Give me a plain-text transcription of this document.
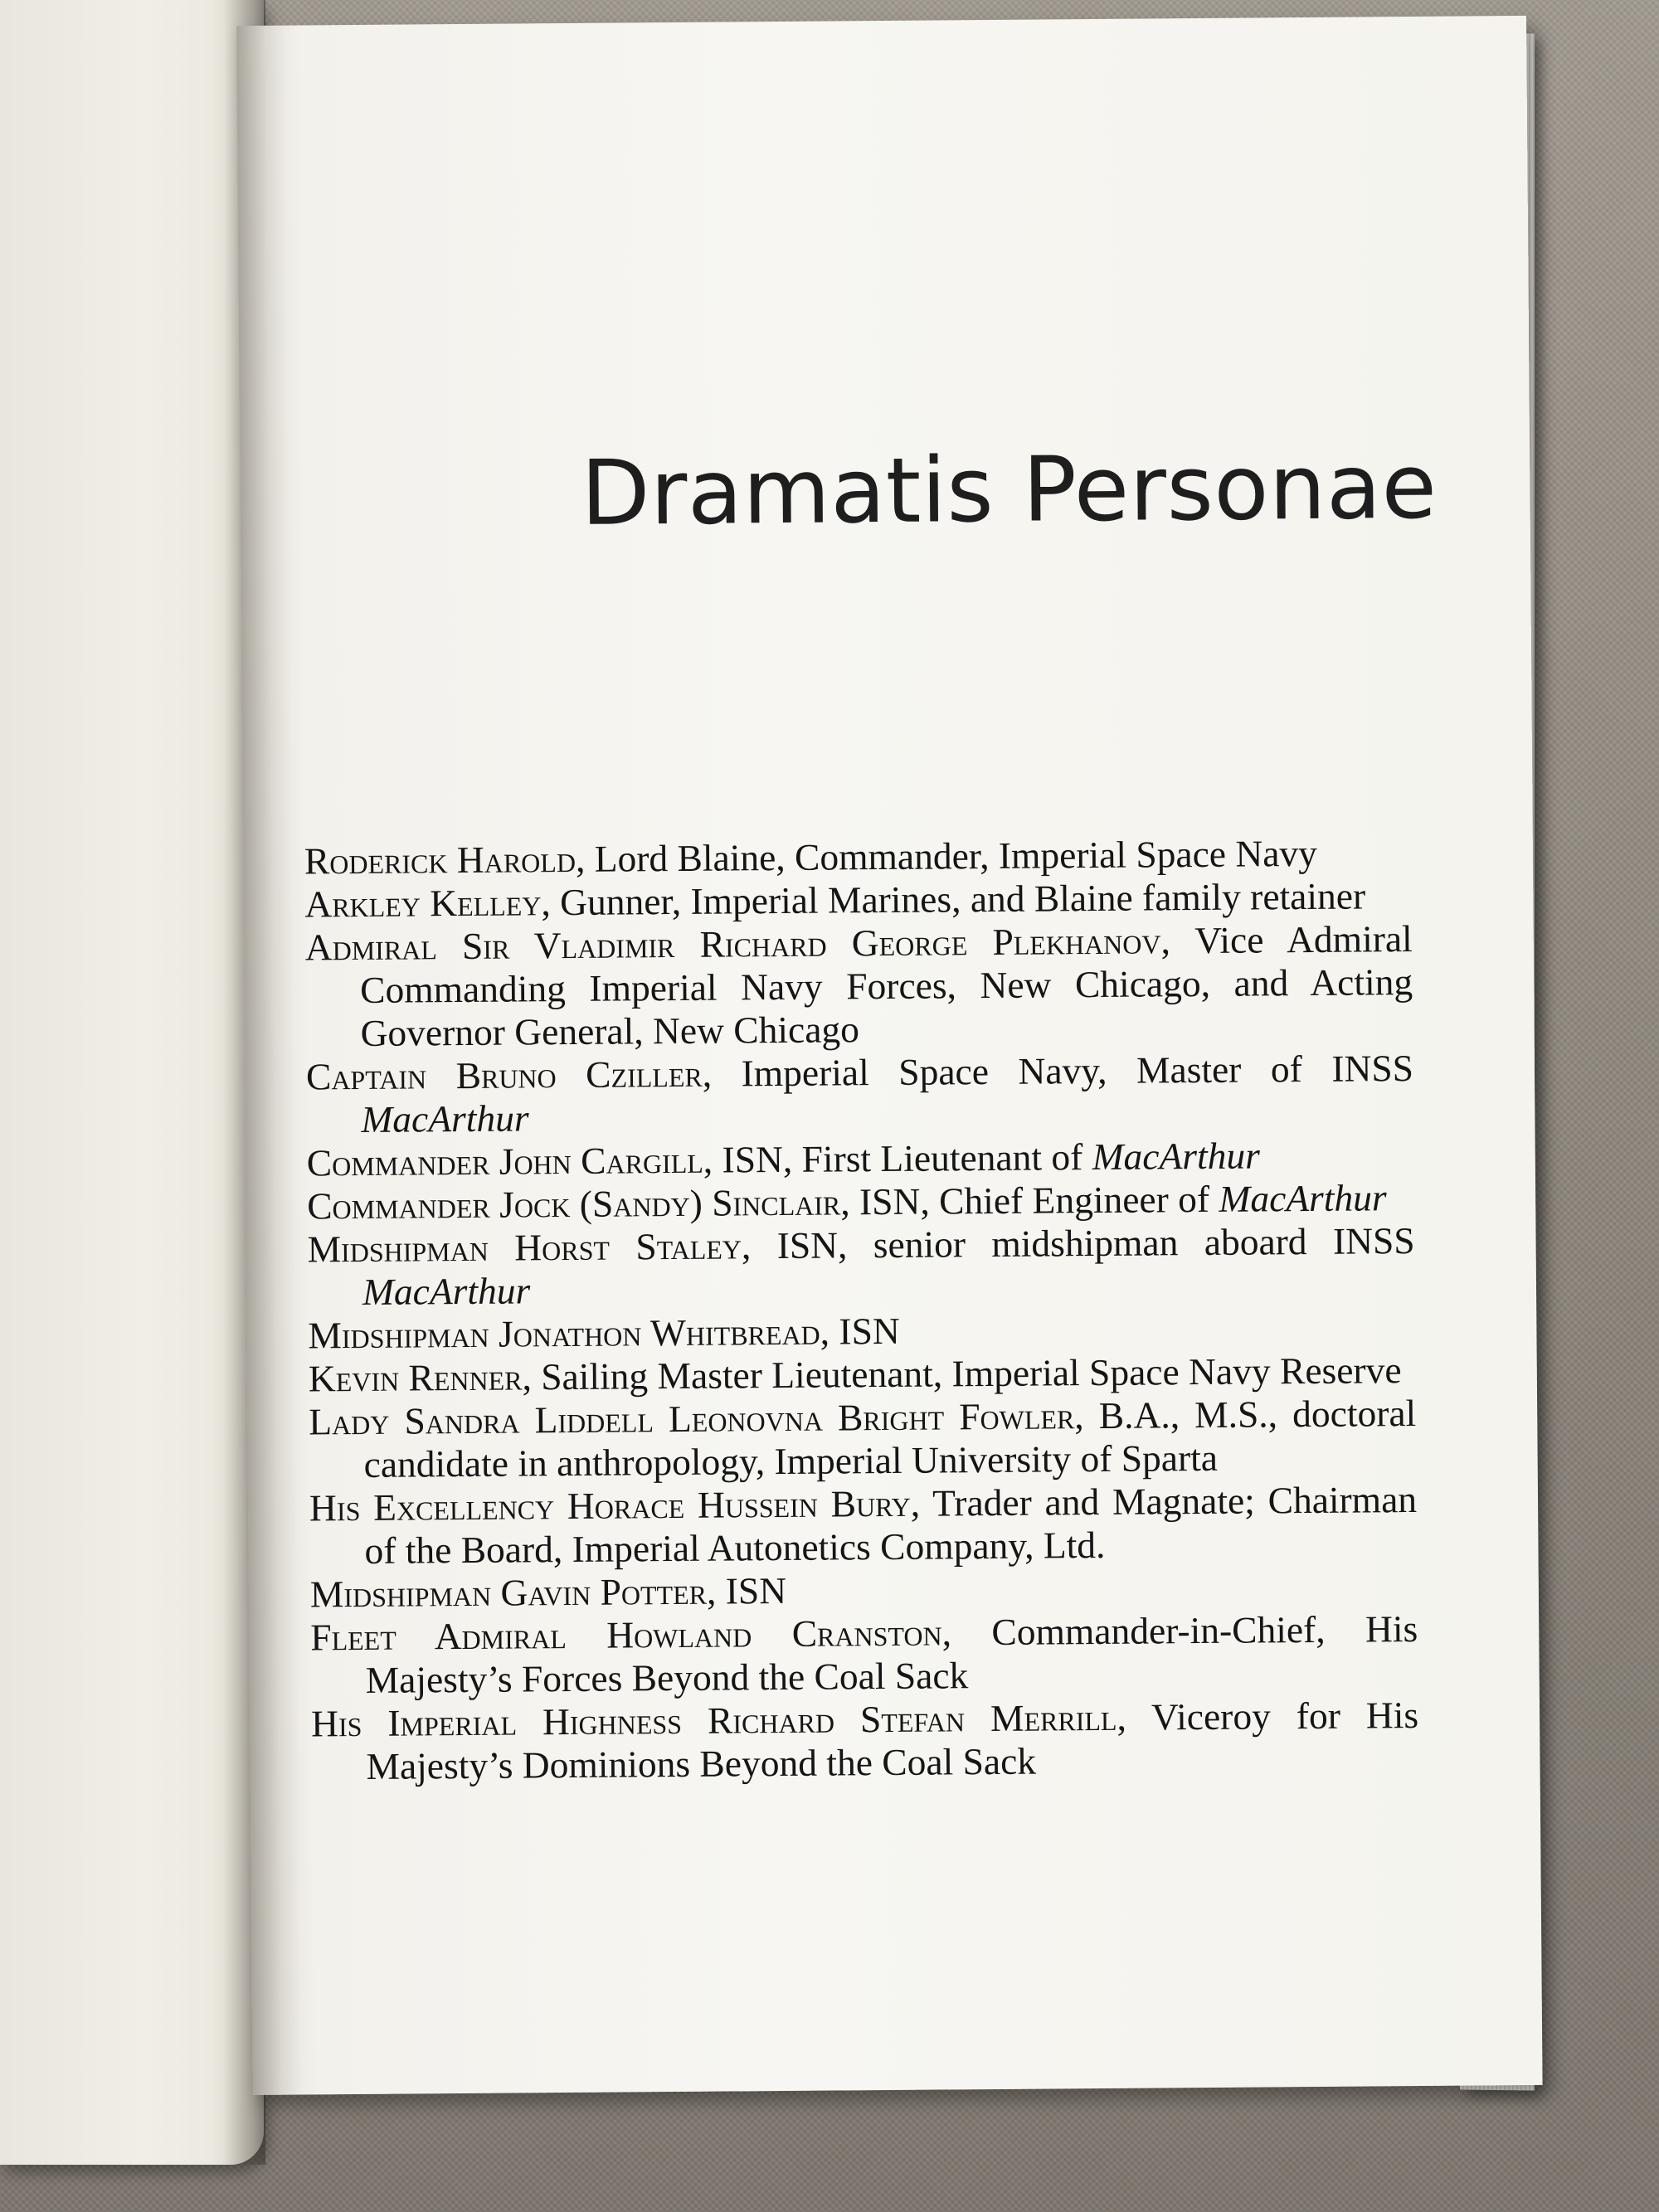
Dramatis Personae
Roderick Harold, Lord Blaine, Commander, Imperial Space Navy
Arkley Kelley, Gunner, Imperial Marines, and Blaine family retainer
Admiral Sir Vladimir Richard George Plekhanov, Vice Admiral Commanding Imperial Navy Forces, New Chicago, and Acting Governor General, New Chicago
Captain Bruno Cziller, Imperial Space Navy, Master of INSS MacArthur
Commander John Cargill, ISN, First Lieutenant of MacArthur
Commander Jock (Sandy) Sinclair, ISN, Chief Engineer of MacArthur
Midshipman Horst Staley, ISN, senior midshipman aboard INSS MacArthur
Midshipman Jonathon Whitbread, ISN
Kevin Renner, Sailing Master Lieutenant, Imperial Space Navy Reserve
Lady Sandra Liddell Leonovna Bright Fowler, B.A., M.S., doctoral candidate in anthropology, Imperial University of Sparta
His Excellency Horace Hussein Bury, Trader and Magnate; Chairman of the Board, Imperial Autonetics Company, Ltd.
Midshipman Gavin Potter, ISN
Fleet Admiral Howland Cranston, Commander-in-Chief, His Majesty’s Forces Beyond the Coal Sack
His Imperial Highness Richard Stefan Merrill, Viceroy for His Majesty’s Dominions Beyond the Coal Sack
